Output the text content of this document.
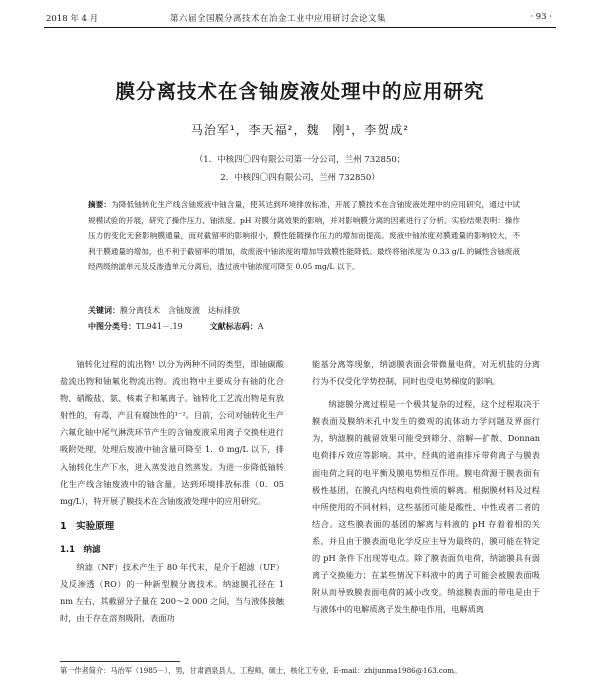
2018 年 4 月	第六届全国膜分离技术在冶金工业中应用研讨会论文集	· 93 ·
膜分离技术在含铀废液处理中的应用研究
马治军¹，李天福²，魏　刚¹，李贺成²
（1．中核四〇四有限公司第一分公司，兰州 732850；
2．中核四〇四有限公司，兰州 732850）
摘要：为降低铀转化生产线含铀废液中铀含量，使其达到环境排放标准，开展了膜技术在含铀废液处理中的应用研究，通过中试规模试验的开展，研究了操作压力、铀浓度、pH 对膜分离效果的影响，并对影响膜分离的因素进行了分析。实验结果表明：操作压力的变化无套影响膜通量，而对截留率的影响很小，膜性能随操作压力的增加而提高。废液中铀浓度对膜通量的影响较大，不利于膜通量的增加，也不利于截留率的增加，故废液中铀浓度的增加导致膜性能降低。最终将铀浓度为 0.33 g/L 的碱性含铀废液经两级纳滤单元及反渗透单元分离后，透过液中铀浓度可降至 0.05 mg/L 以下。
关键词：膜分离技术　含铀废液　达标排放
中图分类号：TL941－.19	文献标志码：A

铀转化过程的流出物¹ 以分为两种不同的类型，即铀碳酸盐流出物和铀氟化物流出物。流出物中主要成分有铀的化合物、硝酸盐、氨、核素子和氟离子。铀转化工艺流出物是有放射性的，有毒，产且有腐蚀性的¹⁻²。目前，公司对铀转化生产六氟化铀中尾气淋洗环节产生的含铀废液采用离子交换柱进行吸附处理，处理后废液中铀含量可降至 1．0 mg/L 以下，排入铀转化生产下水，进入蒸发池自然蒸发。为进一步降低铀转化生产线含铀废液中的铀含量，达到环境排放标准（0．05 mg/L），特开展了膜技术在含铀废液处理中的应用研究。

1　实验原理

1.1　纳滤

纳滤（NF）技术产生于 80 年代末，是介于超滤（UF）及反渗透（RO）的一种新型膜分离技术。纳滤膜孔径在 1 nm 左右，其截留分子量在 200～2 000 之间，当与液体接触时，由于存在溶剂吸附，表面功

能基分离等现象，纳滤膜表面会带微量电荷，对无机盐的分离行为不仅受化学势控制，同时也受电势梯度的影响。

纳滤膜分离过程是一个极其复杂的过程，这个过程取决于膜表面及膜纳米孔中发生的微观的流体动力学问题及界面行为，纳滤膜的截留效果可能受到筛分、溶解—扩散、Donnan 电荷排斥效应等影响。其中，经典的道南排斥带荷离子与膜表面电荷之间的电平衡及膜电势相互作用。膜电荷源于膜表面有极性基团，在膜孔内结构电荷性质的解离。根据膜材料及过程中所使用的不同材料，这些基团可能是酸性、中性或者二者的结合。这些膜表面的基团的解离与料液的 pH 存着着相的关系，并且由于膜表面电化学反应主导为最终的，膜可能在特定的 pH 条件下出现等电点。除了膜表面负电荷，纳滤膜具有弱离子交换能力；在某些情况下料液中的离子可能会被膜表面吸附从而导致膜表面电荷的减小改变。纳滤膜表面的带电是由于与液体中的电解质离子发生静电作用，电解质离

第一作者简介：马治军（1985－），男，甘肃酒泉县人，工程师，硕士，核化工专业，E-mail：zhijunma1986@163.com。
